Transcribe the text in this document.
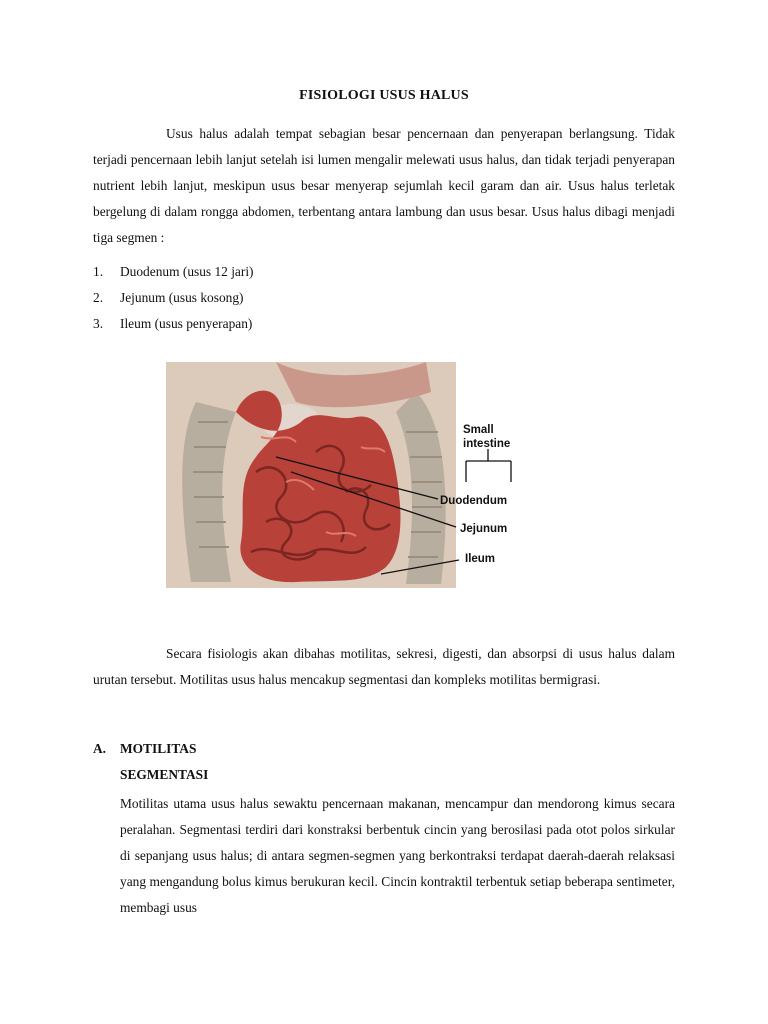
FISIOLOGI USUS HALUS

Usus halus adalah tempat sebagian besar pencernaan dan penyerapan berlangsung. Tidak terjadi pencernaan lebih lanjut setelah isi lumen mengalir melewati usus halus, dan tidak terjadi penyerapan nutrient lebih lanjut, meskipun usus besar menyerap sejumlah kecil garam dan air. Usus halus terletak bergelung di dalam rongga abdomen, terbentang antara lambung dan usus besar. Usus halus dibagi menjadi tiga segmen :

1.	Duodenum (usus 12 jari)
2.	Jejunum (usus kosong)
3.	Ileum (usus penyerapan)
Small
intestine
Duodendum
Jejunum
Ileum

Secara fisiologis akan dibahas motilitas, sekresi, digesti, dan absorpsi di usus halus dalam urutan tersebut. Motilitas usus halus mencakup segmentasi dan kompleks motilitas bermigrasi.

A.	MOTILITAS
SEGMENTASI

Motilitas utama usus halus sewaktu pencernaan makanan, mencampur dan mendorong kimus secara peralahan. Segmentasi terdiri dari konstraksi berbentuk cincin yang berosilasi pada otot polos sirkular di sepanjang usus halus; di antara segmen-segmen yang berkontraksi terdapat daerah-daerah relaksasi yang mengandung bolus kimus berukuran kecil. Cincin kontraktil terbentuk setiap beberapa sentimeter, membagi usus
